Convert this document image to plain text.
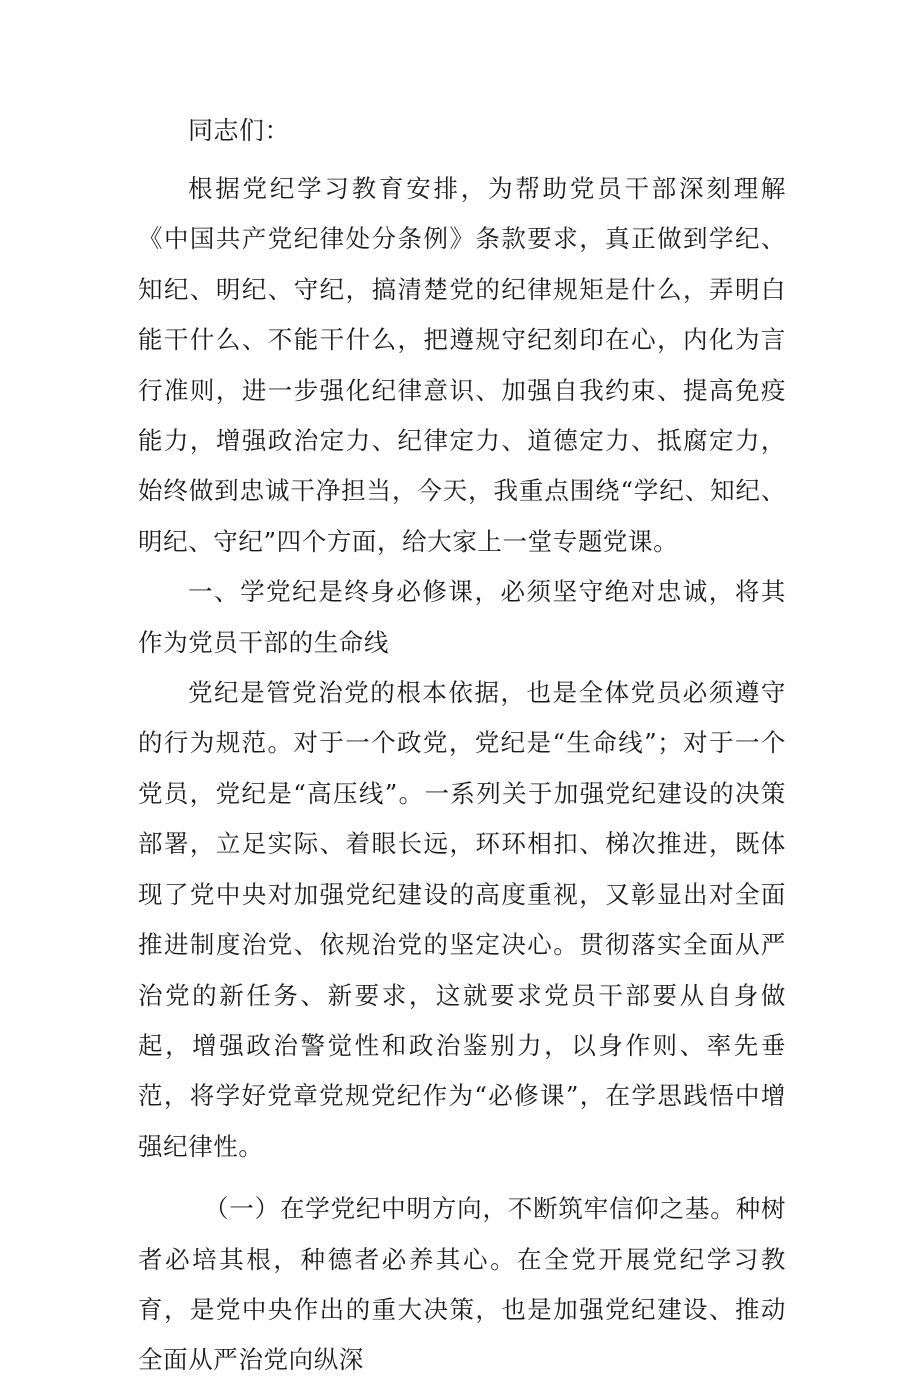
同志们：

根据党纪学习教育安排，为帮助党员干部深刻理解《中国共产党纪律处分条例》条款要求，真正做到学纪、知纪、明纪、守纪，搞清楚党的纪律规矩是什么，弄明白能干什么、不能干什么，把遵规守纪刻印在心，内化为言行准则，进一步强化纪律意识、加强自我约束、提高免疫能力，增强政治定力、纪律定力、道德定力、抵腐定力，始终做到忠诚干净担当，今天，我重点围绕“学纪、知纪、明纪、守纪”四个方面，给大家上一堂专题党课。

一、学党纪是终身必修课，必须坚守绝对忠诚，将其作为党员干部的生命线

党纪是管党治党的根本依据，也是全体党员必须遵守的行为规范。对于一个政党，党纪是“生命线”；对于一个党员，党纪是“高压线”。一系列关于加强党纪建设的决策部署，立足实际、着眼长远，环环相扣、梯次推进，既体现了党中央对加强党纪建设的高度重视，又彰显出对全面推进制度治党、依规治党的坚定决心。贯彻落实全面从严治党的新任务、新要求，这就要求党员干部要从自身做起，增强政治警觉性和政治鉴别力，以身作则、率先垂范，将学好党章党规党纪作为“必修课”，在学思践悟中增强纪律性。

（一）在学党纪中明方向，不断筑牢信仰之基。种树者必培其根，种德者必养其心。在全党开展党纪学习教育，是党中央作出的重大决策，也是加强党纪建设、推动全面从严治党向纵深
